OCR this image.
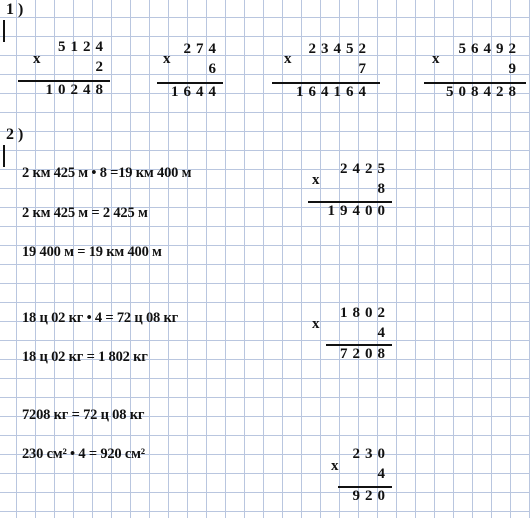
1 )
x
5124
2
10248
x
274
6
1644
x
23452
7
164164
x
56492
9
508428
2 )
2 км 425 м • 8 =19 км 400 м
2 км 425 м = 2 425 м
19 400 м = 19 км 400 м
18 ц 02 кг • 4 = 72 ц 08 кг
18 ц 02 кг = 1 802 кг
7208 кг = 72 ц 08 кг
230 см² • 4 = 920 см²
x
2425
8
19400
x
1802
4
7208
x
230
4
920
